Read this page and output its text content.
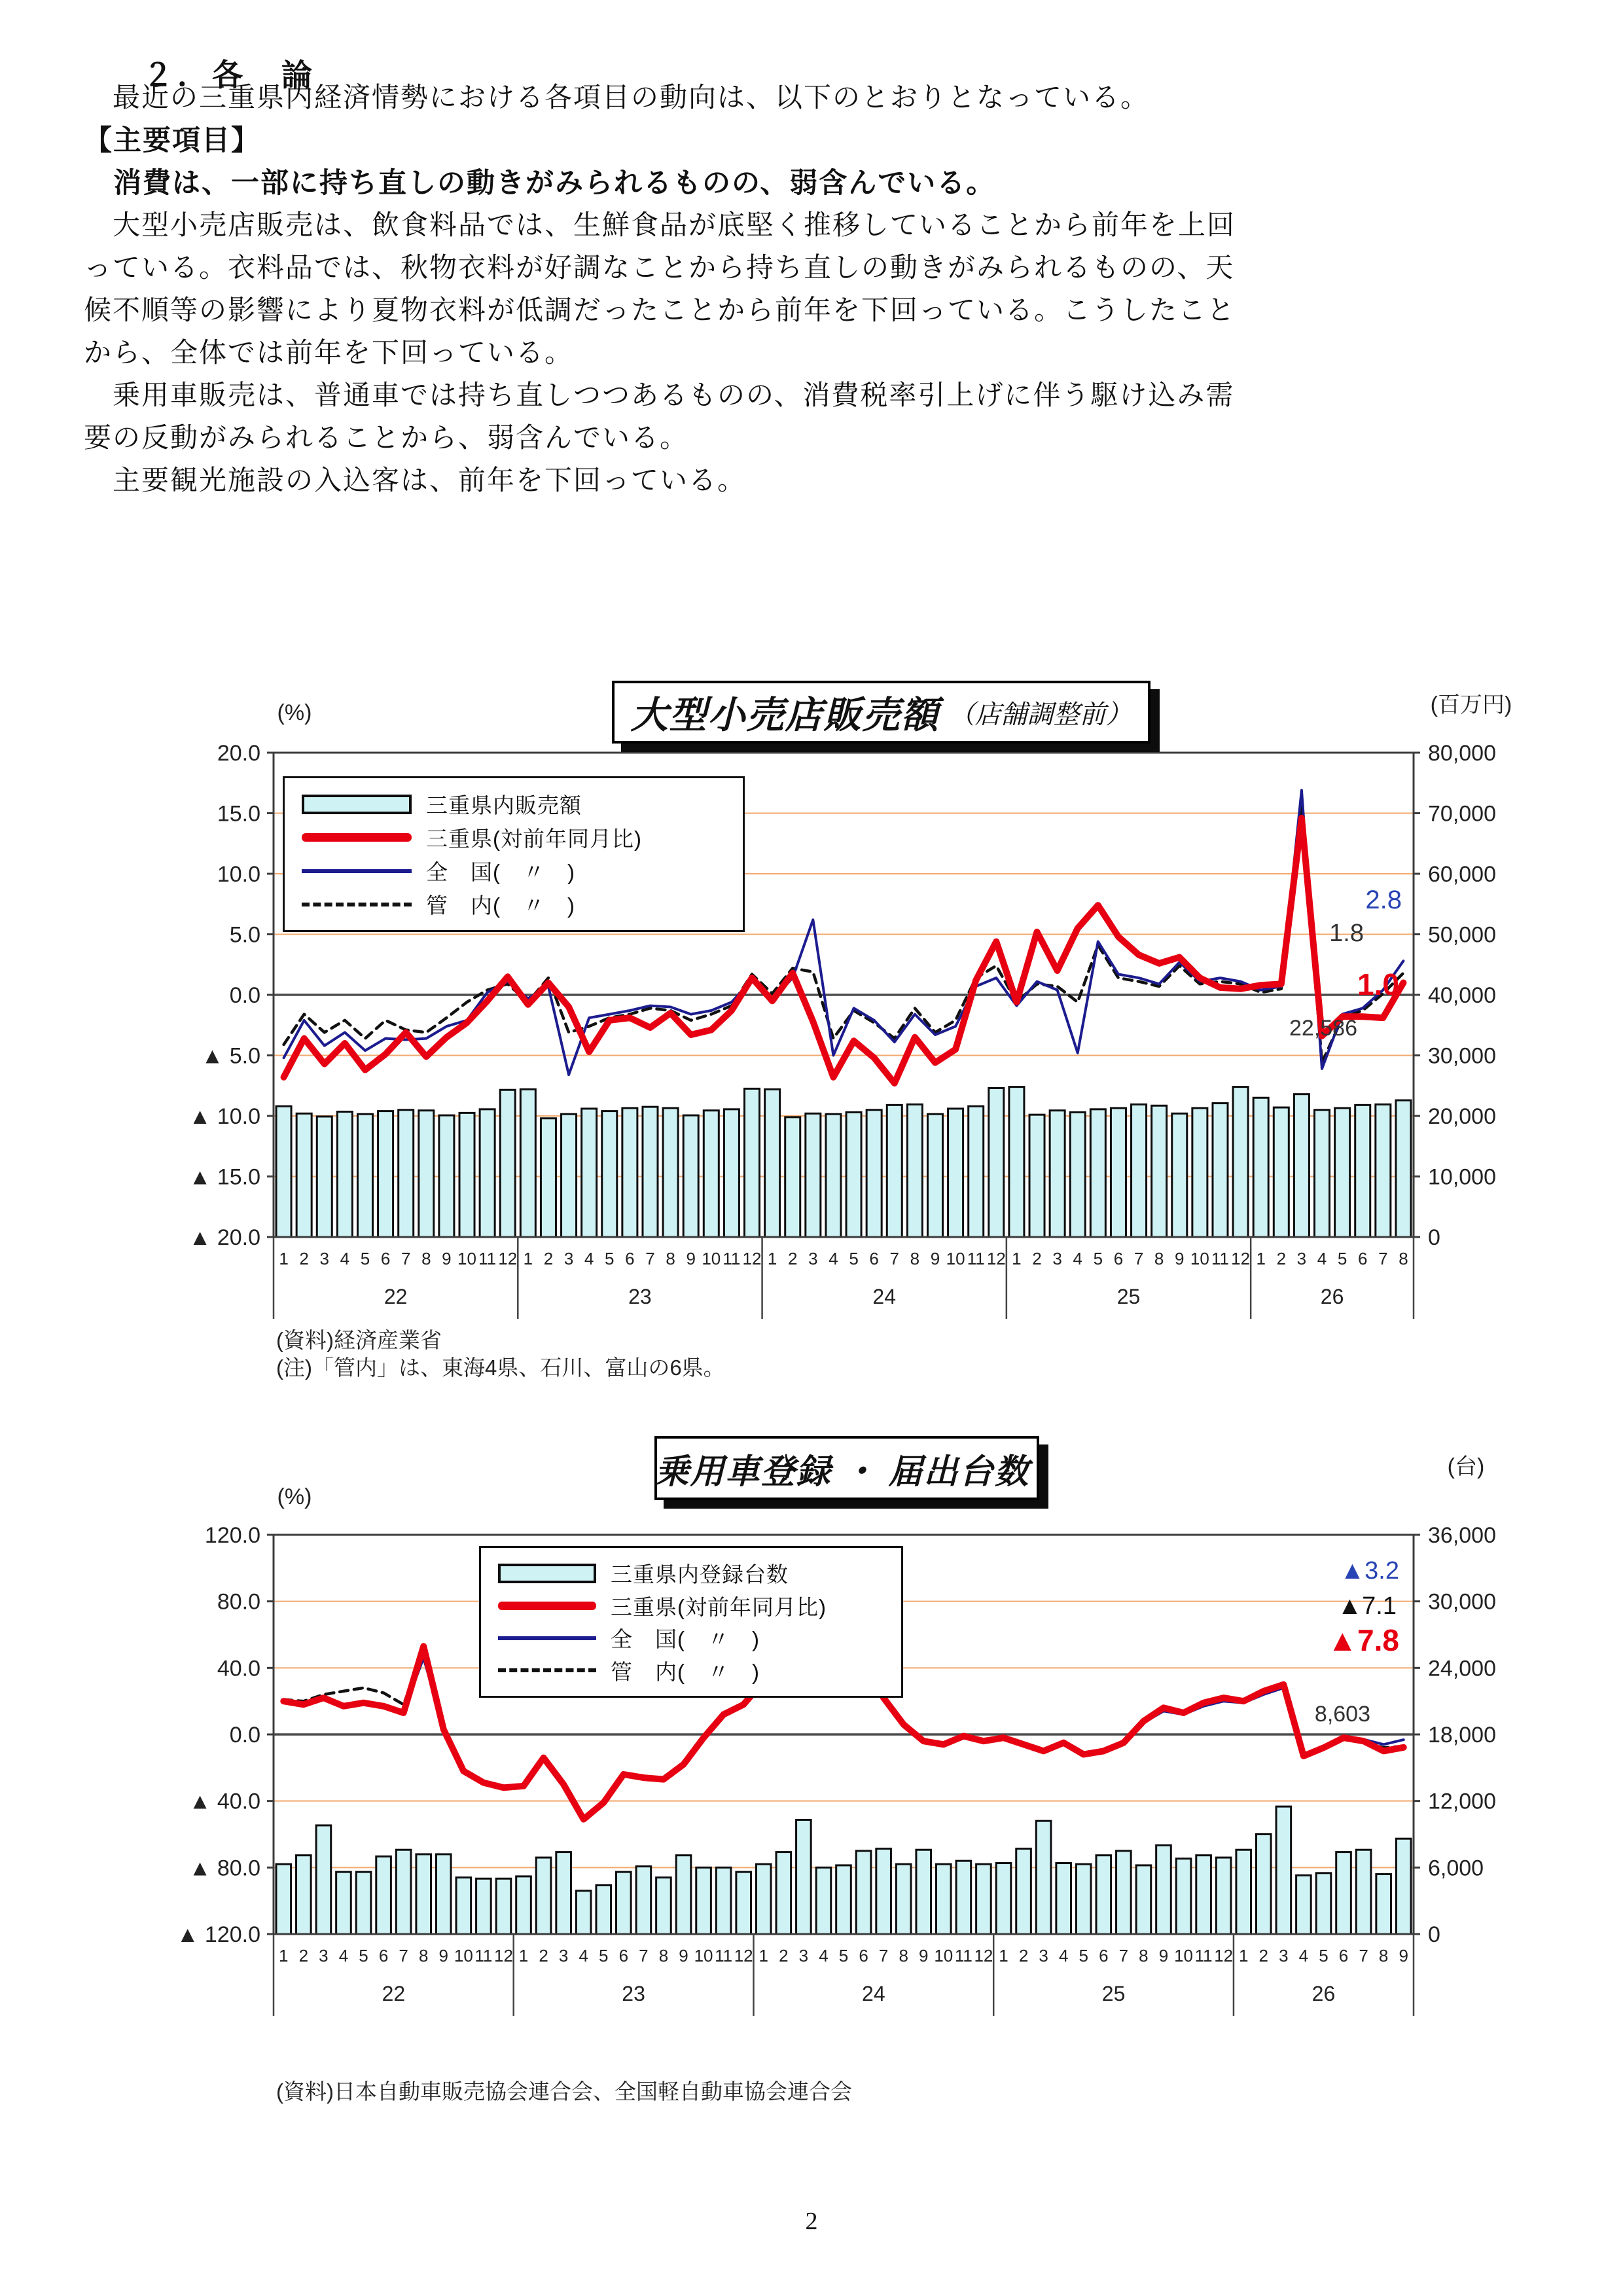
２．各　論
　最近の三重県内経済情勢における各項目の動向は、以下のとおりとなっている。
【主要項目】
　消費は、一部に持ち直しの動きがみられるものの、弱含んでいる。
　大型小売店販売は、飲食料品では、生鮮食品が底堅く推移していることから前年を上回
っている。衣料品では、秋物衣料が好調なことから持ち直しの動きがみられるものの、天
候不順等の影響により夏物衣料が低調だったことから前年を下回っている。こうしたこと
から、全体では前年を下回っている。
　乗用車販売は、普通車では持ち直しつつあるものの、消費税率引上げに伴う駆け込み需
要の反動がみられることから、弱含んでいる。
　主要観光施設の入込客は、前年を下回っている。
20.0
15.0
10.0
5.0
0.0
▲ 5.0
▲ 10.0
▲ 15.0
▲ 20.0
80,000
70,000
60,000
50,000
40,000
30,000
20,000
10,000
0
(%)	(百万円)
1 2 3 4 5 6 7 8 9 10 11 12
22
1 2 3 4 5 6 7 8 9 10 11 12
23
1 2 3 4 5 6 7 8 9 10 11 12
24
1 2 3 4 5 6 7 8 9 10 11 12
25
1 2 3 4 5 6 7 8
26
2.8
1.8
1.0
22,586
大型小売店販売額 （店舗調整前）
三重県内販売額
三重県(対前年同月比)
全　国(　〃　)
管　内(　〃　)
(資料)経済産業省
(注)「管内」は、東海4県、石川、富山の6県。
120.0
80.0
40.0
0.0
▲ 40.0
▲ 80.0
▲ 120.0
36,000
30,000
24,000
18,000
12,000
6,000
0
(%)
(台)
1 2 3 4 5 6 7 8 9 10 11 12
22
1 2 3 4 5 6 7 8 9 10 11 12
23
1 2 3 4 5 6 7 8 9 10 11 12
24
1 2 3 4 5 6 7 8 9 10 11 12
25
1 2 3 4 5 6 7 8 9
26
▲3.2
▲7.1
▲7.8
8,603
乗用車登録 ・ 届出台数
三重県内登録台数
三重県(対前年同月比)
全　国(　〃　)
管　内(　〃　)
(資料)日本自動車販売協会連合会、全国軽自動車協会連合会
2
